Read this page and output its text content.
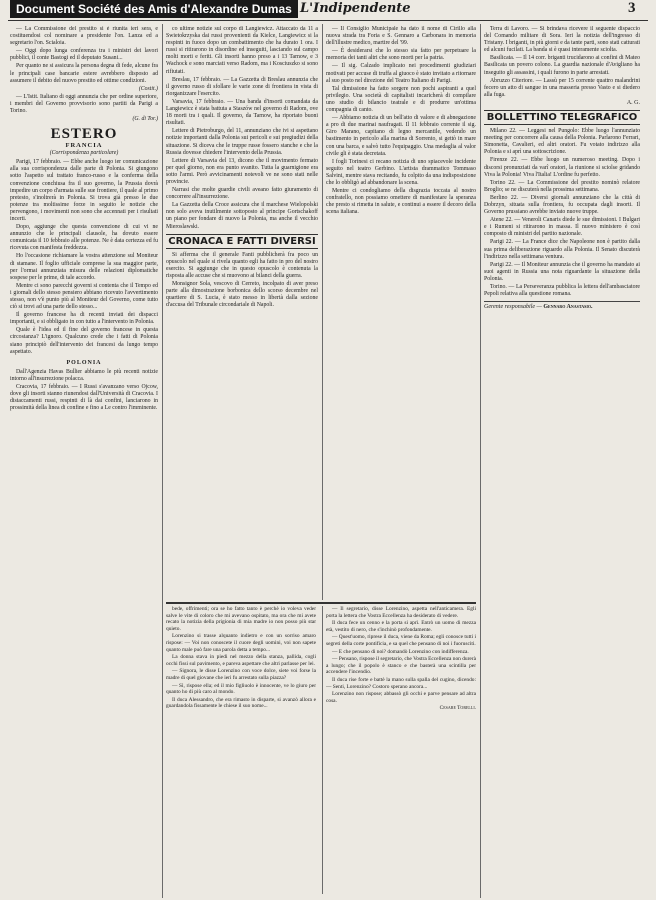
Document Société des Amis d'Alexandre Dumas L'Indipendente	3

— La Commissione del prestito si è riunita ieri sera, e costituendosi col nominare a presidente l'on. Lanza ed a segretario l'on. Scialoia.

— Oggi dopo lunga conferenza tra i ministri dei lavori pubblici, il conte Bastogi ed il deputato Susani...

Per quanto ne si assicura la persona degna di fede, alcune fra le principali case bancarie estere avrebbero disposto ad assumere il debito del nuovo prestito ed ottime condizioni.

(Costit.)

— L'Istit. Italiano di oggi annunzia che per ordine superiore, i membri del Governo provvisorio sono partiti da Parigi a Torino.

(G. di Tor.)
ESTERO
FRANCIA
(Corrispondenza particolare)

Parigi, 17 febbraio. — Ebbe anche luogo ier comunicazione alla sua corrispondenza dalle parte di Polonia. Si giungono sotto l'aspetto sul trattato franco-russo e la conferma della convenzione conchiusa fra il suo governo, la Prussia dovrà impedire un corpo d'armata sulle sue frontiere, il quale al primo pretesto, s'inoltrerà in Polonia. Si trova già presso le due potenze tra moltissime forze in seguito le notizie che pervengono, i movimenti non sono che accennati per i risultati incerti.

Dopo, aggiunge che questa convenzione di cui vi ne annunzio che le principali clausole, ha dovuto essere comunicata il 10 febbraio alle potenze. Ne è data certezza ed fu ricevuta con manifesta freddezza.

Ho l'occasione richiamare la vostra attenzione sul Moniteur di stamane. Il foglio ufficiale comprese la sua maggior parte, per l'ormai annunziata misura delle relazioni diplomatiche sospese per le prime, di tale accordo.

Mentre ci sono parecchi governi si contenta che il Tempo ed i giornali dello stesso pensiero abbiano ricevuto l'avvertimento stesso, non v'è punto più al Moniteur del Governo, come tutto ciò si trovi ad una parte dello stesso...

Il governo francese ha di recenti inviati dei dispacci importanti, e si obbligato in con tutto a l'intervento in Polonia.

Quale è l'idea ed il fine del governo francese in questa circostanza? L'ignoro. Qualcuno crede che i fatti di Polonia siano principiò dell'intervento dei francesi da lungo tempo aspettato.

POLONIA

Dall'Agenzia Havas Bullier abbiamo le più recenti notizie intorno all'insurrezione polacca.

Cracovia, 17 febbraio. — I Russi s'avanzano verso Ojcow, dove gli insorti stanno riunendosi dall'Università di Cracovia. I distaccamenti russi, respinti di là dai confini, lanciarono in prossimità della linea di confine e fino a Le contro l'imminente.

co ultime notizie sul corpo di Langiewicz. Attaccato da 11 a Swietokrzyska dai russi provenienti da Kielce, Langiewicz si la respinti in fuoco dopo un combattimento che ha durato 1 ora. I russi si ritirarono in disordine ed inseguiti, lasciando sul campo molti morti e feriti. Gli insorti hanno preso a i 13 Tarnow, e 3 Wachock e sono marciati verso Radom, ma i Kosciuszko si sono rifiutati.

Breslau, 17 febbraio. — La Gazzetta di Breslau annunzia che il governo russo di sfollare le varie zone di frontiera in vista di riorganizzare l'esercito.

Varsavia, 17 febbraio. — Una banda d'insorti comandata da Langiewicz è stata battuta a Staszów nel governo di Radom, ove 18 morti tra i quali. Il governo, da Tarnow, ha riportato buoni risultati.

Lettere di Pietroburgo, del 11, annunziano che ivi si aspettano notizie importanti dalla Polonia sui pericoli e sui pregiudizi della situazione. Si diceva che le truppe russe fossero stanche e che la Russia dovesse chiedere l'intervento della Prussia.

Lettere di Varsavia del 13, dicono che il movimento fermato per quel giorno, non era punto svanito. Tutta la guarnigione era sotto l'armi. Però avvicinamenti notevoli ve ne sono stati nelle provincie.

Narrasi che molte guardie civili aveano fatto giuramento di concorrere all'insurrezione.

La Gazzetta della Croce assicura che il marchese Wielopolski non solo aveva inutilmente sottoposto al principe Gortschakoff un piano per fondare di nuovo la Polonia, ma anche il vecchio Mieroslawski.

CRONACA E FATTI DIVERSI

Si afferma che il generale Fanti pubblicherà fra poco un opuscolo nel quale si rivela quanto egli ha fatto in pro del nostro esercito. Si aggiunge che in questo opuscolo è contenuta la risposta alle accuse che si muovono ai bilanci della guerra.

Monsignor Sola, vescovo di Cerreto, incolpato di aver preso parte alla dimostrazione borbonica dello scorso decembre nel quartiere di S. Lucia, è stato messo in libertà dalla sezione d'accusa del Tribunale circondariale di Napoli.

— Il Consiglio Municipale ha dato il nome di Cirillo alla nuova strada tra Foria e S. Gennaro a Carbonara in memoria dell'illustre medico, martire del '99.

— È desiderarsi che lo stesso sia fatto per perpetuare la memoria dei tanti altri che sono morti per la patria.

— Il sig. Calzado implicato nei procedimenti giudiziari motivati per accuse di truffa al giuoco è stato invitato a ritornare al suo posto nel direzione del Teatro Italiano di Parigi.

Tal dimissione ha fatto sorgere non pochi aspiranti a quel privilegio. Una società di capitalisti incaricherà di compilare uno studio di bilancio teatrale e di produrre un'ottima compagnia di canto.

— Abbiamo notizia di un bell'atto di valore e di abnegazione a pro di due marinai naufragati. Il 11 febbraio corrente il sig. Giro Marano, capitano di legno mercantile, vedendo un bastimento in pericolo alla marina di Sorrento, si gettò in mare con una barca, e salvò tutto l'equipaggio. Una medaglia al valor civile gli è stata decretata.

I fogli Torinesi ci recano notizia di uno spiacevole incidente seguito nel teatro Gerbino. L'artista drammatico Tommaso Salvini, mentre stava recitando, fu colpito da una indisposizione che lo obbligò ad abbandonare la scena.

Mentre ci condogliamo della disgrazia toccata al nostro confratello, non possiamo omettere di manifestare la speranza che presto si rimetta in salute, e continui a essere il decoro della scena italiana.

Terra di Lavoro. — Si brindava ricevere il seguente dispaccio del Comando militare di Sora. Ieri la notizia dell'ingresso di Tristany. I briganti, in più giorni e da tante parti, sono stati catturati ed alcuni fucilati. La banda si è quasi interamente sciolta.

Basilicata. — Il 14 corr. briganti trucidarono ai confini di Mateo Basilicata un povero colono. La guardia nazionale d'Avigliano ha inseguito gli assassini, i quali furono in parte arrestati.

Abruzzo Citeriore. — Lassù per 15 corrente quattro malandrini fecero un atto di sangue in una masseria presso Vasto e si diedero alla fuga.

A. G.
BOLLETTINO TELEGRAFICO

Milano 22. — Leggesi nel Pungolo: Ebbe luogo l'annunziato meeting per concorrere alla causa della Polonia. Parlarono Ferrari, Simonetta, Cavalieri, ed altri oratori. Fu votato indirizzo alla Polonia e si aprì una sottoscrizione.

Firenze 22. — Ebbe luogo un numeroso meeting. Dopo i discorsi pronunziati da varî oratori, la riunione si sciolse gridando Viva la Polonia! Viva l'Italia! L'ordine fu perfetto.

Torino 22. — La Commissione del prestito nominò relatore Broglio; se ne discuterà nella prossima settimana.

Berlino 22. — Diversi giornali annunziano che la città di Dobrzyn, situata sulla frontiera, fu occupata dagli insorti. Il Governo prussiano avrebbe inviato nuove truppe.

Atene 22. — Veneroli Canaris diede le sue dimissioni. I Bulgari e i Rumeni si ritirarono in massa. Il nuovo ministero è così composto di ministri del partito nazionale.

Parigi 22. — La France dice che Napoleone non è partito dalla sua prima deliberazione riguardo alla Polonia. Il Senato discuterà l'indirizzo nella settimana ventura.

Parigi 22. — Il Moniteur annunzia che il governo ha mandato ai suoi agenti in Russia una nota riguardante la situazione della Polonia.

Torino. — La Perseveranza pubblica la lettera dell'ambasciatore Pepoli relativa alla questione romana.

Gerente responsabile — Gennaro Anastasio.

bede, offrimenti; ora se ho fatto tanto è perchè io voleva veder salve le vite di coloro che mi avevano ospitato, ma ora che mi avete recato la notizia della prigionia di mia madre io non posso più star quieto.

Lorenzino si trasse alquanto indietro e con un sorriso amaro rispose: — Voi non conoscete il cuore degli uomini, voi non sapete quanto male può fare una parola detta a tempo...

La donna stava in piedi nel mezzo della stanza, pallida, cogli occhi fissi sul pavimento, e pareva aspettare che altri parlasse per lei.

— Signora, le disse Lorenzino con voce dolce, siete voi forse la madre di quel giovane che ieri fu arrestato sulla piazza?

— Sì, rispose ella; ed il mio figliuolo è innocente, ve lo giuro per quanto ho di più caro al mondo.

Il duca Alessandro, che era rimasto in disparte, si avanzò allora e guardandola fissamente le chiese il suo nome...

— Il segretario, disse Lorenzino, aspetta nell'anticamera. Egli porta la lettera che Vostra Eccellenza ha desiderato di vedere.

Il duca fece un cenno e la porta si aprì. Entrò un uomo di mezza età, vestito di nero, che s'inchinò profondamente.

— Quest'uomo, riprese il duca, viene da Roma; egli conosce tutti i segreti della corte pontificia, e sa quel che pensano di noi i fuorusciti.

— E che pensano di noi? domandò Lorenzino con indifferenza.

— Pensano, rispose il segretario, che Vostra Eccellenza non durerà a lungo; che il popolo è stanco e che basterà una scintilla per accendere l'incendio.

Il duca rise forte e battè la mano sulla spalla del cugino, dicendo: — Senti, Lorenzino? Costoro sperano ancora...

Lorenzino non rispose; abbassò gli occhi e parve pensare ad altra cosa.

Cesare Torelli.
